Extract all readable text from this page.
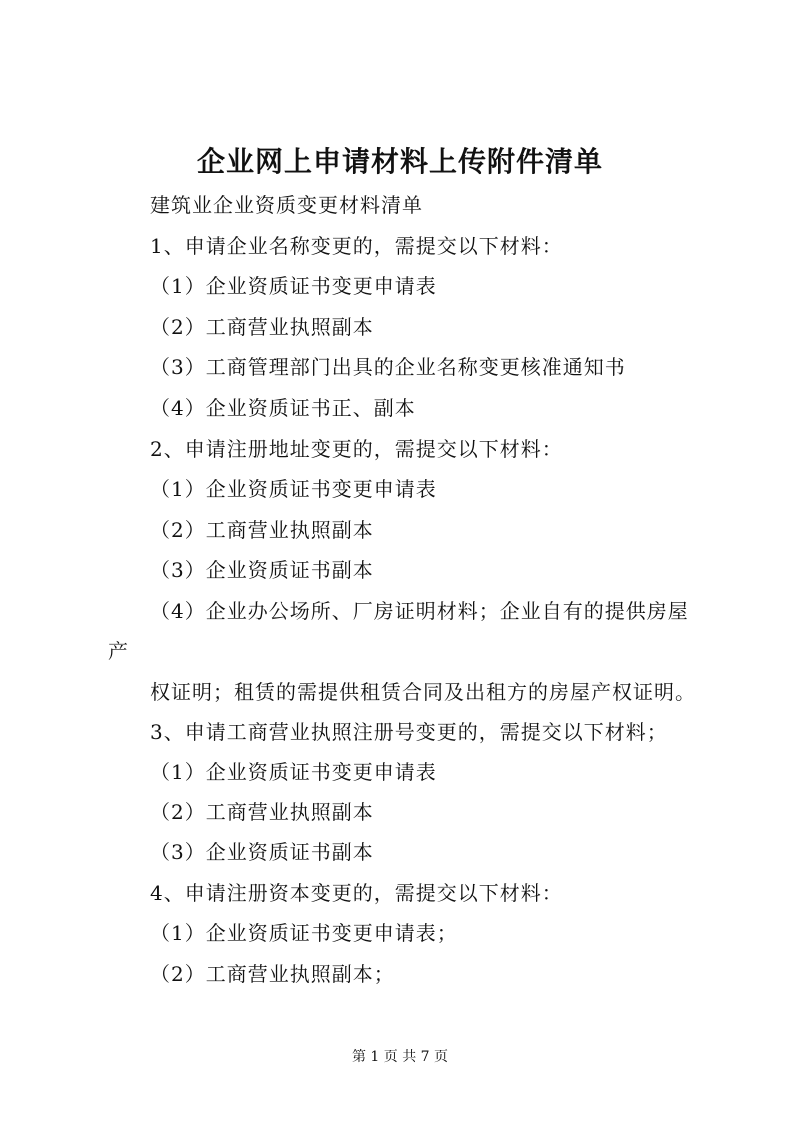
企业网上申请材料上传附件清单
建筑业企业资质变更材料清单
1、申请企业名称变更的，需提交以下材料：
（1）企业资质证书变更申请表
（2）工商营业执照副本
（3）工商管理部门出具的企业名称变更核准通知书
（4）企业资质证书正、副本
2、申请注册地址变更的，需提交以下材料：
（1）企业资质证书变更申请表
（2）工商营业执照副本
（3）企业资质证书副本
（4）企业办公场所、厂房证明材料；企业自有的提供房屋
产
权证明；租赁的需提供租赁合同及出租方的房屋产权证明。
3、申请工商营业执照注册号变更的，需提交以下材料；
（1）企业资质证书变更申请表
（2）工商营业执照副本
（3）企业资质证书副本
4、申请注册资本变更的，需提交以下材料：
（1）企业资质证书变更申请表；
（2）工商营业执照副本；
第 1 页 共 7 页
